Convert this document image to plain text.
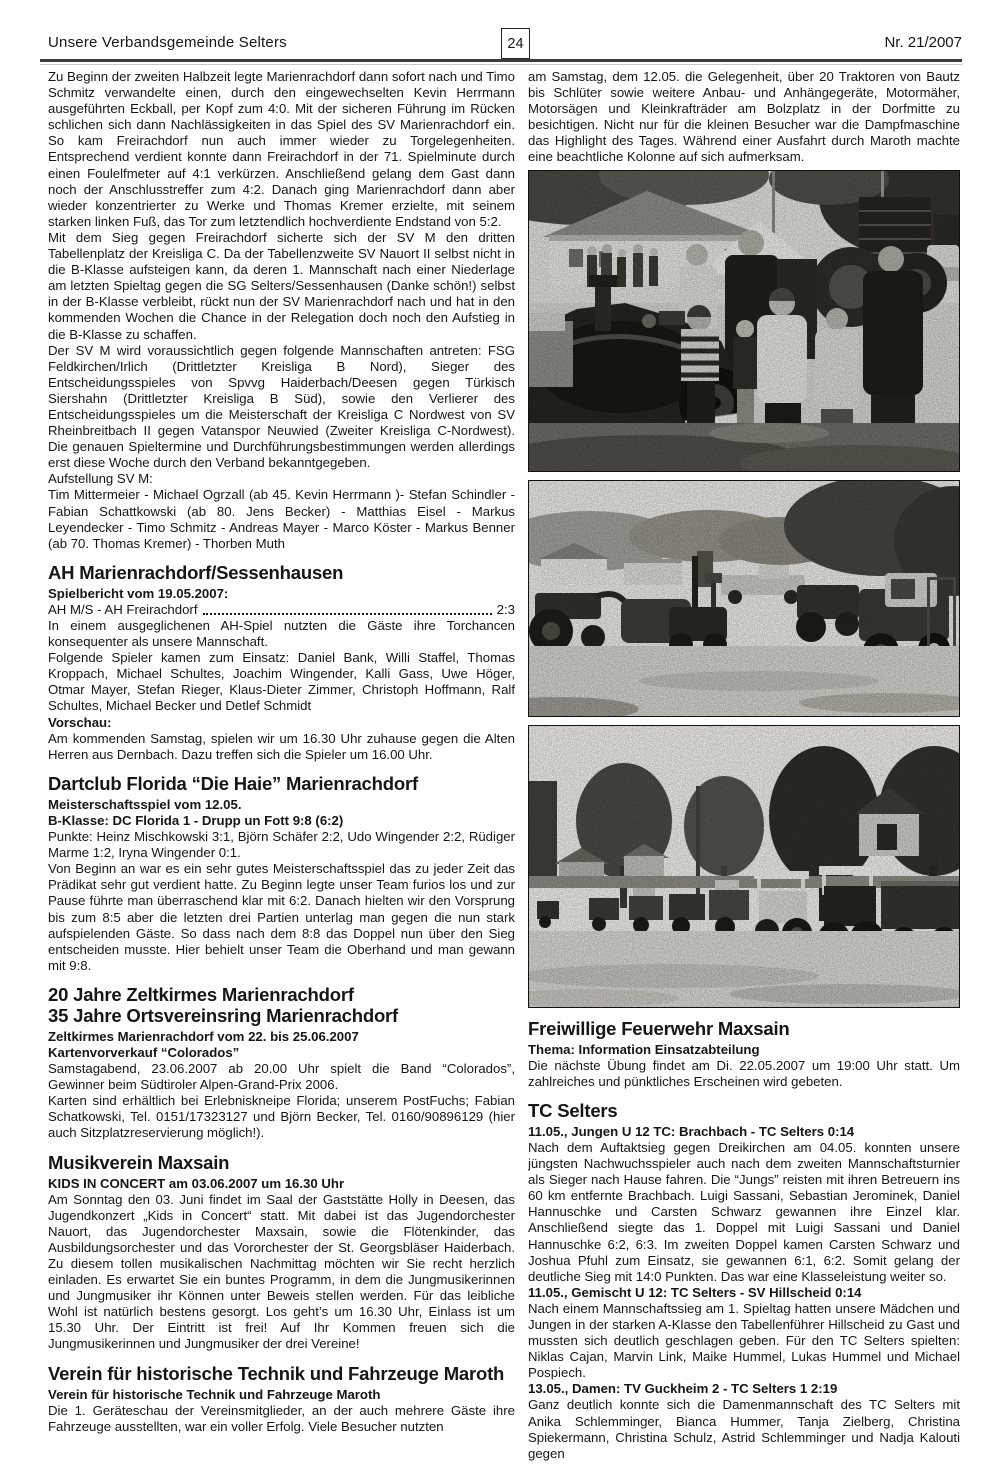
Unsere Verbandsgemeinde Selters	24	Nr. 21/2007

Zu Beginn der zweiten Halbzeit legte Marienrachdorf dann sofort nach und Timo Schmitz verwandelte einen, durch den eingewechselten Kevin Herrmann ausgeführten Eckball, per Kopf zum 4:0. Mit der sicheren Führung im Rücken schlichen sich dann Nachlässigkeiten in das Spiel des SV Marienrachdorf ein. So kam Freirachdorf nun auch immer wieder zu Torgelegenheiten. Entsprechend verdient konnte dann Freirachdorf in der 71. Spielminute durch einen Foulelfmeter auf 4:1 verkürzen. Anschließend gelang dem Gast dann noch der Anschlusstreffer zum 4:2. Danach ging Marienrachdorf dann aber wieder konzentrierter zu Werke und Thomas Kremer erzielte, mit seinem starken linken Fuß, das Tor zum letztendlich hochverdiente Endstand von 5:2.

Mit dem Sieg gegen Freirachdorf sicherte sich der SV M den dritten Tabellenplatz der Kreisliga C. Da der Tabellenzweite SV Nauort II selbst nicht in die B-Klasse aufsteigen kann, da deren 1. Mannschaft nach einer Niederlage am letzten Spieltag gegen die SG Selters/Sessenhausen (Danke schön!) selbst in der B-Klasse verbleibt, rückt nun der SV Marienrachdorf nach und hat in den kommenden Wochen die Chance in der Relegation doch noch den Aufstieg in die B-Klasse zu schaffen.

Der SV M wird voraussichtlich gegen folgende Mannschaften antreten: FSG Feldkirchen/Irlich (Drittletzter Kreisliga B Nord), Sieger des Entscheidungsspieles von Spvvg Haiderbach/Deesen gegen Türkisch Siershahn (Drittletzter Kreisliga B Süd), sowie den Verlierer des Entscheidungsspieles um die Meisterschaft der Kreisliga C Nordwest von SV Rheinbreitbach II gegen Vatanspor Neuwied (Zweiter Kreisliga C-Nordwest). Die genauen Spieltermine und Durchführungsbestimmungen werden allerdings erst diese Woche durch den Verband bekanntgegeben.

Aufstellung SV M:

Tim Mittermeier - Michael Ogrzall (ab 45. Kevin Herrmann )- Stefan Schindler - Fabian Schattkowski (ab 80. Jens Becker) - Matthias Eisel - Markus Leyendecker - Timo Schmitz - Andreas Mayer - Marco Köster - Markus Benner (ab 70. Thomas Kremer) - Thorben Muth

AH Marienrachdorf/Sessenhausen

Spielbericht vom 19.05.2007:

AH M/S - AH Freirachdorf	2:3

In einem ausgeglichenen AH-Spiel nutzten die Gäste ihre Torchancen konsequenter als unsere Mannschaft.

Folgende Spieler kamen zum Einsatz: Daniel Bank, Willi Staffel, Thomas Kroppach, Michael Schultes, Joachim Wingender, Kalli Gass, Uwe Höger, Otmar Mayer, Stefan Rieger, Klaus-Dieter Zimmer, Christoph Hoffmann, Ralf Schultes, Michael Becker und Detlef Schmidt

Vorschau:

Am kommenden Samstag, spielen wir um 16.30 Uhr zuhause gegen die Alten Herren aus Dernbach. Dazu treffen sich die Spieler um 16.00 Uhr.

Dartclub Florida “Die Haie” Marienrachdorf

Meisterschaftsspiel vom 12.05.

B-Klasse: DC Florida 1 - Drupp un Fott 9:8 (6:2)

Punkte: Heinz Mischkowski 3:1, Björn Schäfer 2:2, Udo Wingender 2:2, Rüdiger Marme 1:2, Iryna Wingender 0:1.

Von Beginn an war es ein sehr gutes Meisterschaftsspiel das zu jeder Zeit das Prädikat sehr gut verdient hatte. Zu Beginn legte unser Team furios los und zur Pause führte man überraschend klar mit 6:2. Danach hielten wir den Vorsprung bis zum 8:5 aber die letzten drei Partien unterlag man gegen die nun stark aufspielenden Gäste. So dass nach dem 8:8 das Doppel nun über den Sieg entscheiden musste. Hier behielt unser Team die Oberhand und man gewann mit 9:8.

20 Jahre Zeltkirmes Marienrachdorf
35 Jahre Ortsvereinsring Marienrachdorf

Zeltkirmes Marienrachdorf vom 22. bis 25.06.2007

Kartenvorverkauf “Colorados”

Samstagabend, 23.06.2007 ab 20.00 Uhr spielt die Band “Colorados”, Gewinner beim Südtiroler Alpen-Grand-Prix 2006.

Karten sind erhältlich bei Erlebniskneipe Florida; unserem PostFuchs; Fabian Schatkowski, Tel. 0151/17323127 und Björn Becker, Tel. 0160/90896129 (hier auch Sitzplatzreservierung möglich!).

Musikverein Maxsain

KIDS IN CONCERT am 03.06.2007 um 16.30 Uhr

Am Sonntag den 03. Juni findet im Saal der Gaststätte Holly in Deesen, das Jugendkonzert „Kids in Concert“ statt. Mit dabei ist das Jugendorchester Nauort, das Jugendorchester Maxsain, sowie die Flötenkinder, das Ausbildungsorchester und das Vororchester der St. Georgsbläser Haiderbach. Zu diesem tollen musikalischen Nachmittag möchten wir Sie recht herzlich einladen. Es erwartet Sie ein buntes Programm, in dem die Jungmusikerinnen und Jungmusiker ihr Können unter Beweis stellen werden. Für das leibliche Wohl ist natürlich bestens gesorgt. Los geht’s um 16.30 Uhr, Einlass ist um 15.30 Uhr. Der Eintritt ist frei! Auf Ihr Kommen freuen sich die Jungmusikerinnen und Jungmusiker der drei Vereine!

Verein für historische Technik und Fahrzeuge Maroth

Verein für historische Technik und Fahrzeuge Maroth

Die 1. Geräteschau der Vereinsmitglieder, an der auch mehrere Gäste ihre Fahrzeuge ausstellten, war ein voller Erfolg. Viele Besucher nutzten

am Samstag, dem 12.05. die Gelegenheit, über 20 Traktoren von Bautz bis Schlüter sowie weitere Anbau- und Anhängegeräte, Motormäher, Motorsägen und Kleinkrafträder am Bolzplatz in der Dorfmitte zu besichtigen. Nicht nur für die kleinen Besucher war die Dampfmaschine das Highlight des Tages. Während einer Ausfahrt durch Maroth machte eine beachtliche Kolonne auf sich aufmerksam.

Freiwillige Feuerwehr Maxsain

Thema: Information Einsatzabteilung

Die nächste Übung findet am Di. 22.05.2007 um 19:00 Uhr statt. Um zahlreiches und pünktliches Erscheinen wird gebeten.

TC Selters

11.05., Jungen U 12 TC: Brachbach - TC Selters 0:14

Nach dem Auftaktsieg gegen Dreikirchen am 04.05. konnten unsere jüngsten Nachwuchsspieler auch nach dem zweiten Mannschaftsturnier als Sieger nach Hause fahren. Die “Jungs” reisten mit ihren Betreuern ins 60 km entfernte Brachbach. Luigi Sassani, Sebastian Jerominek, Daniel Hannuschke und Carsten Schwarz gewannen ihre Einzel klar. Anschließend siegte das 1. Doppel mit Luigi Sassani und Daniel Hannuschke 6:2, 6:3. Im zweiten Doppel kamen Carsten Schwarz und Joshua Pfuhl zum Einsatz, sie gewannen 6:1, 6:2. Somit gelang der deutliche Sieg mit 14:0 Punkten. Das war eine Klasseleistung weiter so.

11.05., Gemischt U 12: TC Selters - SV Hillscheid 0:14

Nach einem Mannschaftssieg am 1. Spieltag hatten unsere Mädchen und Jungen in der starken A-Klasse den Tabellenführer Hillscheid zu Gast und mussten sich deutlich geschlagen geben. Für den TC Selters spielten: Niklas Cajan, Marvin Link, Maike Hummel, Lukas Hummel und Michael Pospiech.

13.05., Damen: TV Guckheim 2 - TC Selters 1 2:19

Ganz deutlich konnte sich die Damenmannschaft des TC Selters mit Anika Schlemminger, Bianca Hummer, Tanja Zielberg, Christina Spiekermann, Christina Schulz, Astrid Schlemminger und Nadja Kalouti gegen
